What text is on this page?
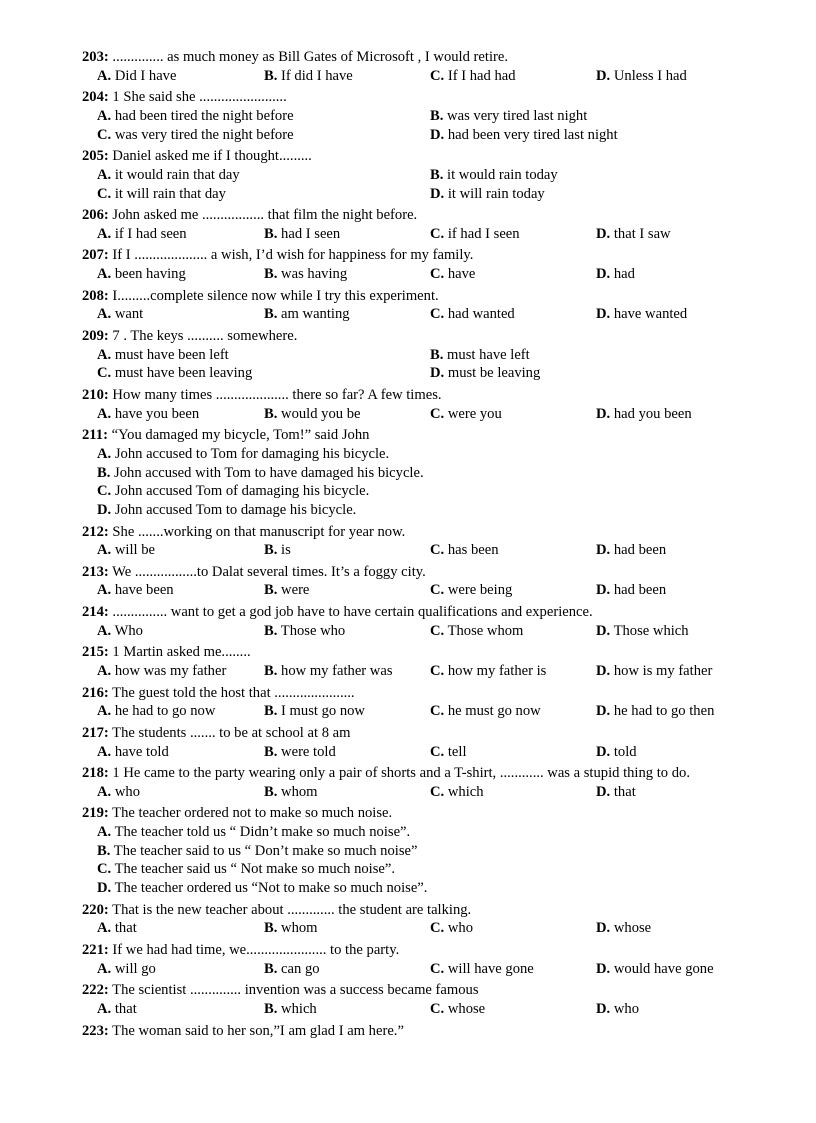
203: .............. as much money as Bill Gates of Microsoft , I would retire.
A. Did I have	B. If did I have	C. If I had had	D. Unless I had
204: 1 She said she ........................
A. had been tired the night before	B. was very tired last night
C. was very tired the night before	D. had been very tired last night
205: Daniel asked me if I thought.........
A. it would rain that day	B. it would rain today
C. it will rain that day	D. it will rain today
206: John asked me ................. that film the night before.
A. if I had seen	B. had I seen	C. if had I seen	D. that I saw
207: If I .................... a wish, I’d wish for happiness for my family.
A. been having	B. was having	C. have	D. had
208: I.........complete silence now while I try this experiment.
A. want	B. am wanting	C. had wanted	D. have wanted
209: 7 . The keys .......... somewhere.
A. must have been left	B. must have left
C. must have been leaving	D. must be leaving
210: How many times .................... there so far? A few times.
A. have you been	B. would you be	C. were you	D. had you been
211: “You damaged my bicycle, Tom!” said John
A. John accused to Tom for damaging his bicycle.
B. John accused with Tom to have damaged his bicycle.
C. John accused Tom of damaging his bicycle.
D. John accused Tom to damage his bicycle.
212: She .......working on that manuscript for year now.
A. will be	B. is	C. has been	D. had been
213: We .................to Dalat several times. It’s a foggy city.
A. have been	B. were	C. were being	D. had been
214: ............... want to get a god job have to have certain qualifications and experience.
A. Who	B. Those who	C. Those whom	D. Those which
215: 1 Martin asked me........
A. how was my father	B. how my father was	C. how my father is	D. how is my father
216: The guest told the host that ......................
A. he had to go now	B. I must go now	C. he must go now	D. he had to go then
217: The students ....... to be at school at 8 am
A. have told	B. were told	C. tell	D. told
218: 1 He came to the party wearing only a pair of shorts and a T-shirt, ............ was a stupid thing to do.
A. who	B. whom	C. which	D. that
219: The teacher ordered not to make so much noise.
A. The teacher told us “ Didn’t make so much noise”.
B. The teacher said to us “ Don’t make so much noise”
C. The teacher said us “ Not make so much noise”.
D. The teacher ordered us “Not to make so much noise”.
220: That is the new teacher about ............. the student are talking.
A. that	B. whom	C. who	D. whose
221: If we had had time, we...................... to the party.
A. will go	B. can go	C. will have gone	D. would have gone
222: The scientist .............. invention was a success became famous
A. that	B. which	C. whose	D. who
223: The woman said to her son,”I am glad I am here.”
